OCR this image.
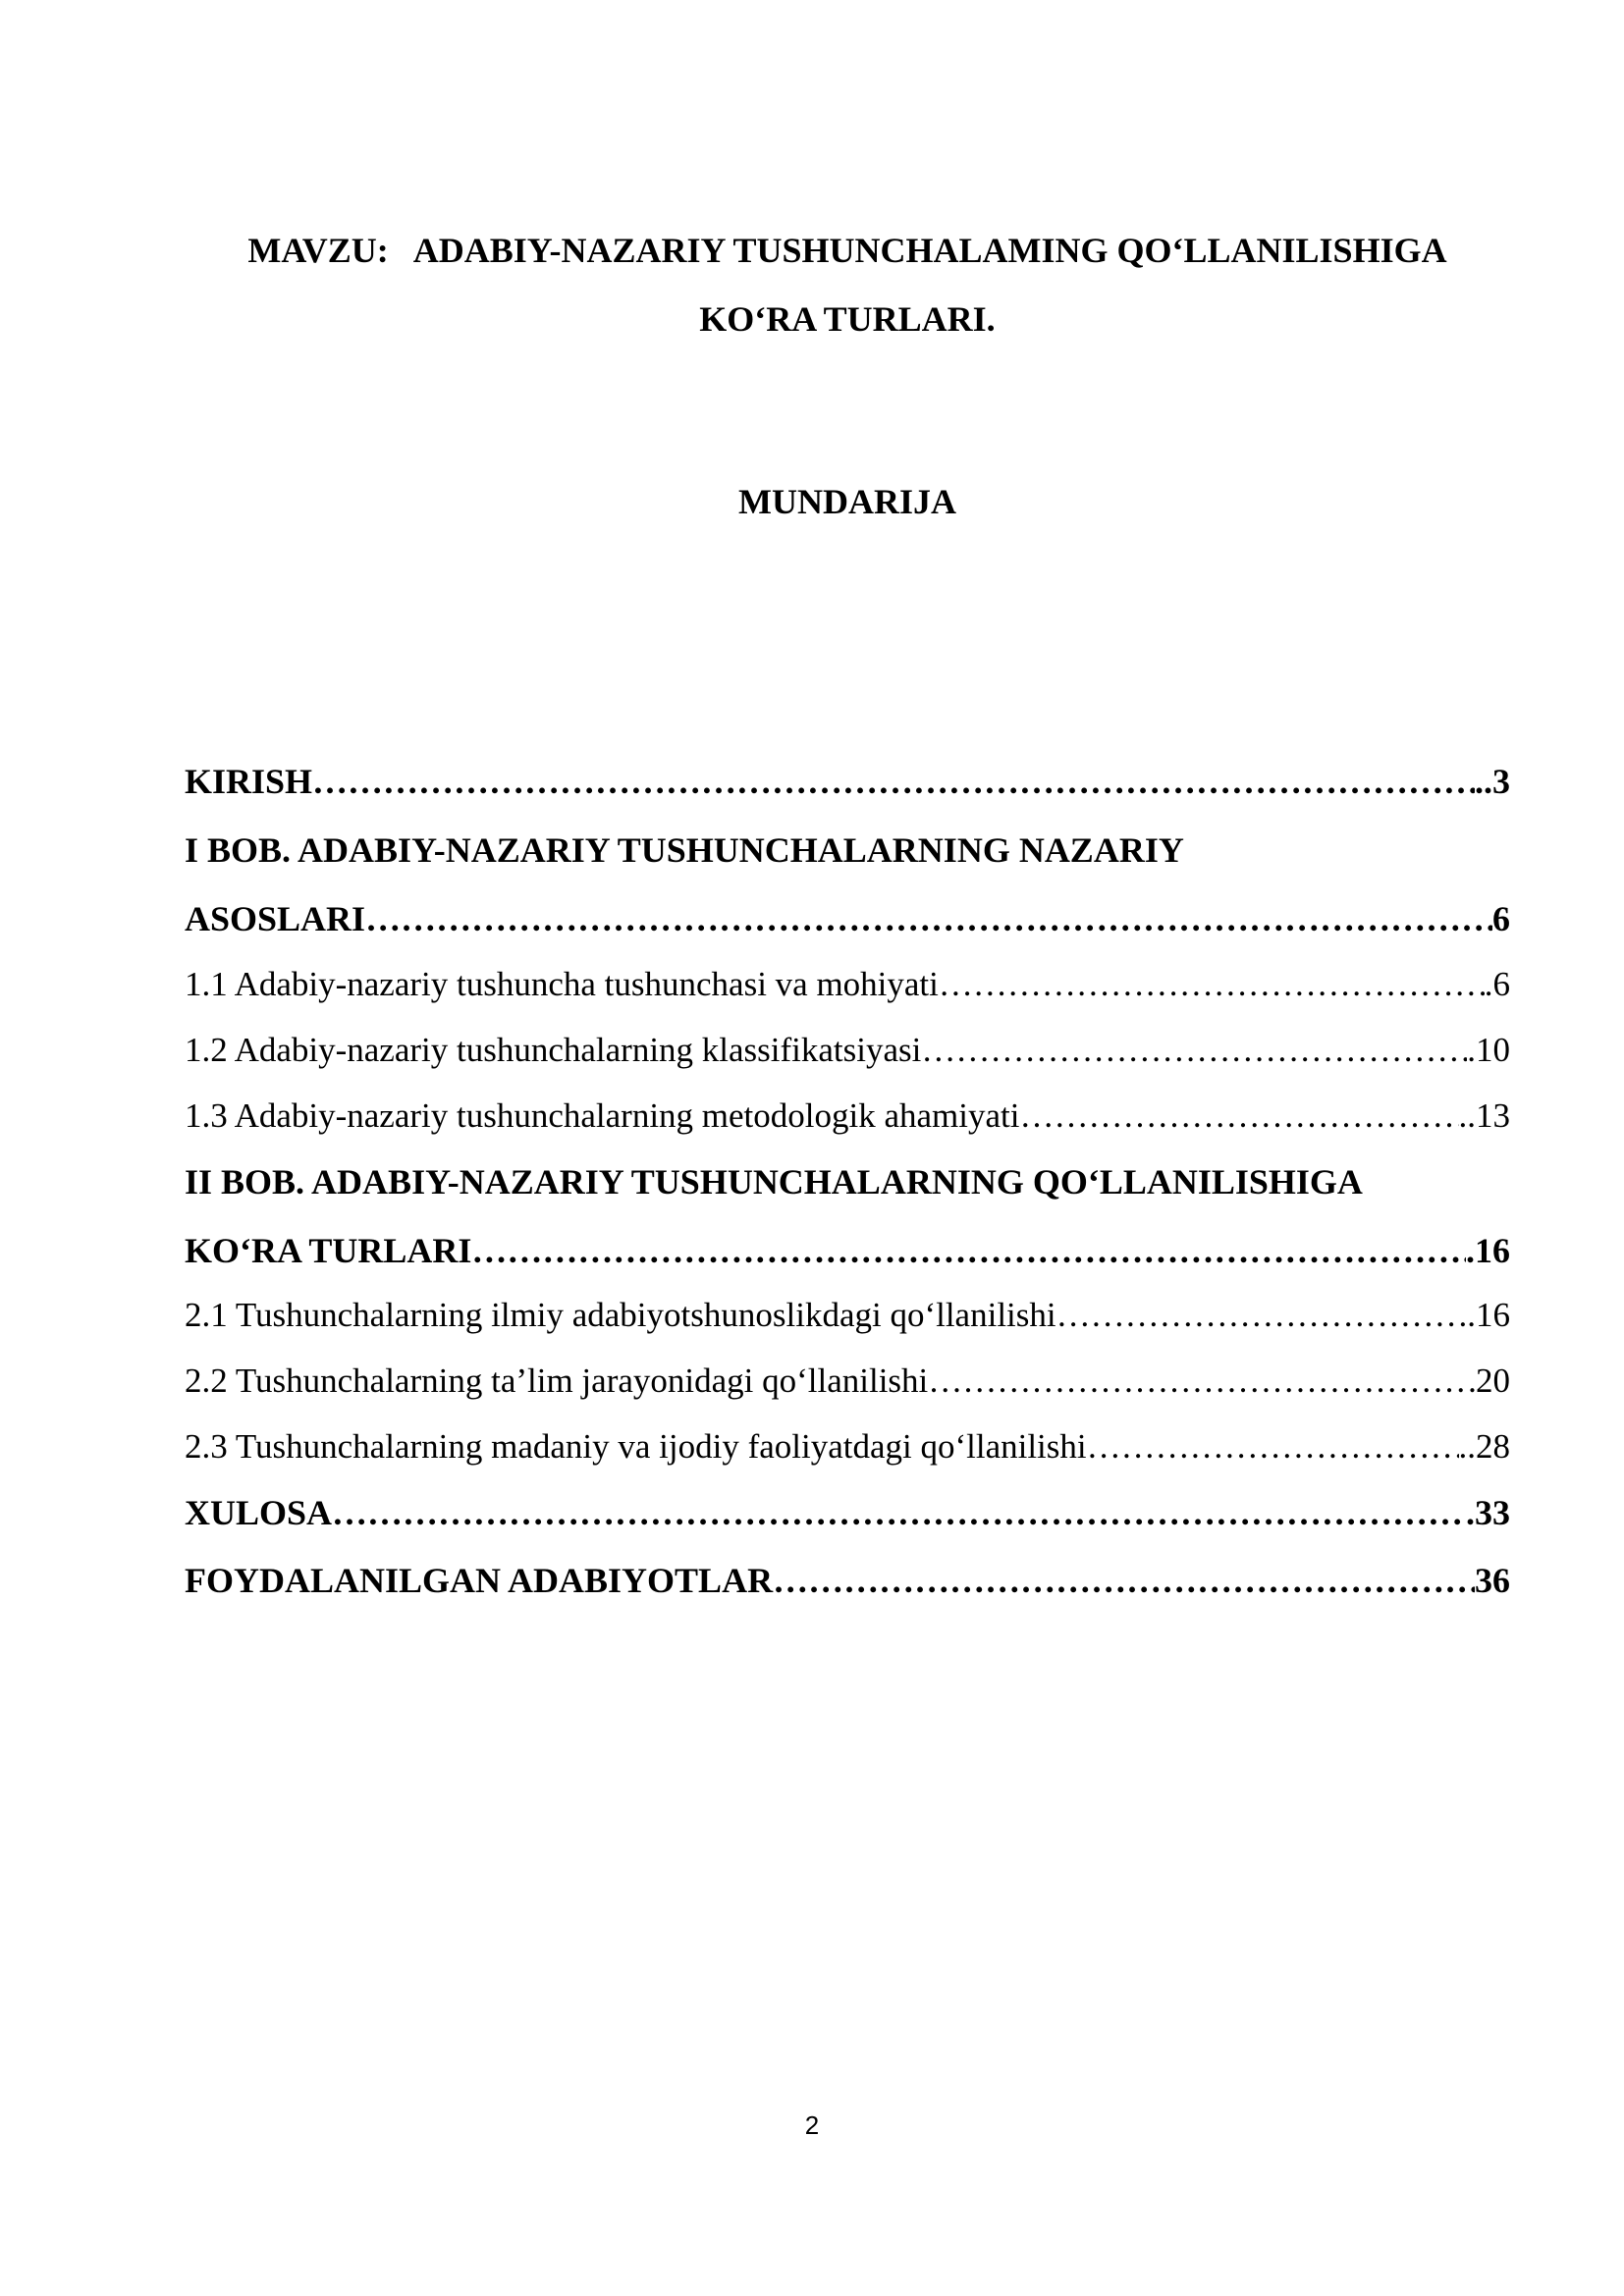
MAVZU:   ADABIY-NAZARIY TUSHUNCHALAMING QO‘LLANILISHIGA
KO‘RA TURLARI.
MUNDARIJA
KIRISH ……………………………………………………………………………………………………………………………………………………………………………………………………………………	.. 3
I BOB. ADABIY-NAZARIY TUSHUNCHALARNING NAZARIY
ASOSLARI ……………………………………………………………………………………………………………………………………………………………………………………………………………………	6
1.1 Adabiy-nazariy tushuncha tushunchasi va mohiyati ……………………………………………………………………………………………………………………………………………………………………………………………………………………	. 6
1.2 Adabiy-nazariy tushunchalarning klassifikatsiyasi ……………………………………………………………………………………………………………………………………………………………………………………………………………………	. 10
1.3 Adabiy-nazariy tushunchalarning metodologik ahamiyati ……………………………………………………………………………………………………………………………………………………………………………………………………………………	.. 13
II BOB. ADABIY-NAZARIY TUSHUNCHALARNING QO‘LLANILISHIGA
KO‘RA TURLARI ……………………………………………………………………………………………………………………………………………………………………………………………………………………	. 16
2.1 Tushunchalarning ilmiy adabiyotshunoslikdagi qo‘llanilishi ……………………………………………………………………………………………………………………………………………………………………………………………………………………	.. 16
2.2 Tushunchalarning ta’lim jarayonidagi qo‘llanilishi ……………………………………………………………………………………………………………………………………………………………………………………………………………………	20
2.3 Tushunchalarning madaniy va ijodiy faoliyatdagi qo‘llanilishi ……………………………………………………………………………………………………………………………………………………………………………………………………………………	.. 28
XULOSA ……………………………………………………………………………………………………………………………………………………………………………………………………………………	. 33
FOYDALANILGAN ADABIYOTLAR ……………………………………………………………………………………………………………………………………………………………………………………………………………………	36
2
